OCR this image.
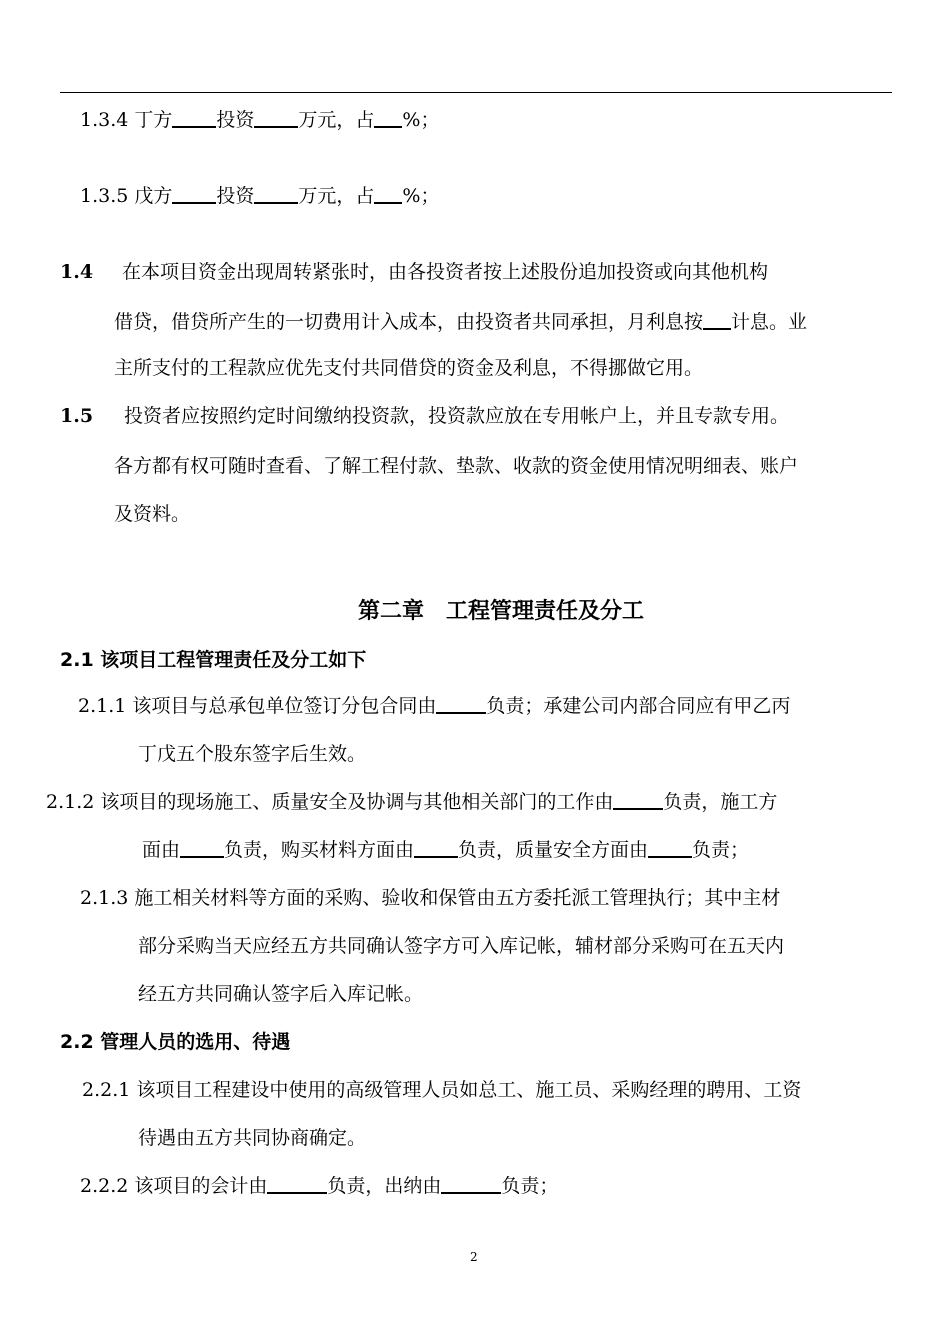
1.3.4 丁方 投资 万元，占 %；
1.3.5 戊方 投资 万元，占 %；
1.4 在本项目资金出现周转紧张时，由各投资者按上述股份追加投资或向其他机构
借贷，借贷所产生的一切费用计入成本，由投资者共同承担，月利息按 计息。业
主所支付的工程款应优先支付共同借贷的资金及利息，不得挪做它用。
1.5 投资者应按照约定时间缴纳投资款，投资款应放在专用帐户上，并且专款专用。
各方都有权可随时查看、了解工程付款、垫款、收款的资金使用情况明细表、账户
及资料。
第二章　工程管理责任及分工
2.1 该项目工程管理责任及分工如下
2.1.1 该项目与总承包单位签订分包合同由	负责；承建公司内部合同应有甲乙丙
丁戊五个股东签字后生效。
2.1.2 该项目的现场施工、质量安全及协调与其他相关部门的工作由	负责，施工方
面由 负责，购买材料方面由 负责，质量安全方面由 负责；
2.1.3 施工相关材料等方面的采购、验收和保管由五方委托派工管理执行；其中主材
部分采购当天应经五方共同确认签字方可入库记帐，辅材部分采购可在五天内
经五方共同确认签字后入库记帐。
2.2 管理人员的选用、待遇
2.2.1 该项目工程建设中使用的高级管理人员如总工、施工员、采购经理的聘用、工资
待遇由五方共同协商确定。
2.2.2 该项目的会计由	负责，出纳由	负责；
2
